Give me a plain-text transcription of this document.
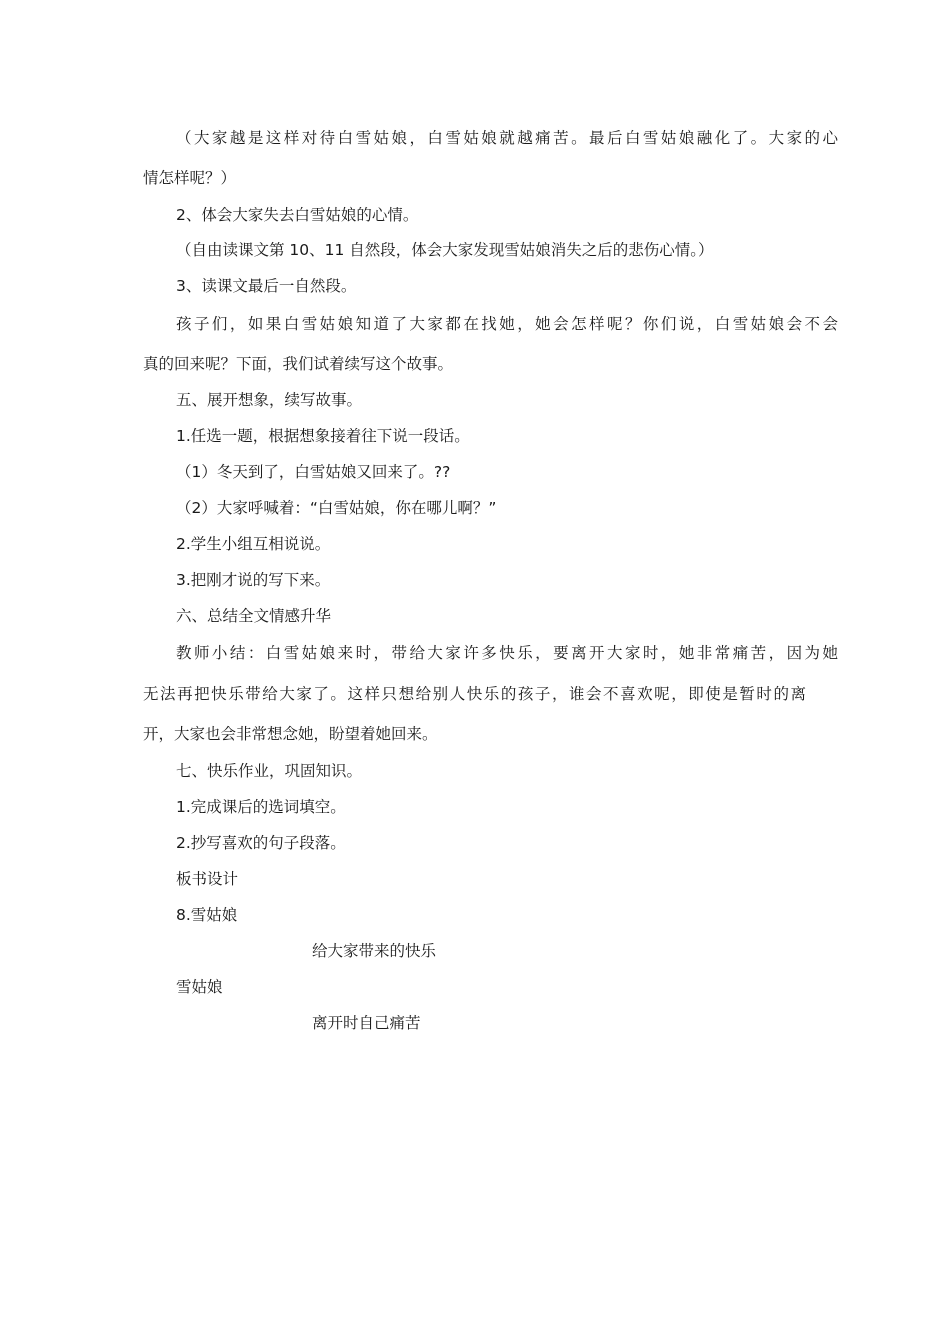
（大家越是这样对待白雪姑娘，白雪姑娘就越痛苦。最后白雪姑娘融化了。大家的心
情怎样呢？）
2、体会大家失去白雪姑娘的心情。
（自由读课文第 10、11 自然段，体会大家发现雪姑娘消失之后的悲伤心情。）
3、读课文最后一自然段。
孩子们，如果白雪姑娘知道了大家都在找她，她会怎样呢？你们说，白雪姑娘会不会
真的回来呢？下面，我们试着续写这个故事。
五、展开想象，续写故事。
1.任选一题，根据想象接着往下说一段话。
（1）冬天到了，白雪姑娘又回来了。??
（2）大家呼喊着：“白雪姑娘，你在哪儿啊？”
2.学生小组互相说说。
3.把刚才说的写下来。
六、总结全文情感升华
教师小结：白雪姑娘来时，带给大家许多快乐，要离开大家时，她非常痛苦，因为她
无法再把快乐带给大家了。这样只想给别人快乐的孩子，谁会不喜欢呢，即使是暂时的离
开，大家也会非常想念她，盼望着她回来。
七、快乐作业，巩固知识。
1.完成课后的选词填空。
2.抄写喜欢的句子段落。
板书设计
8.雪姑娘
给大家带来的快乐
雪姑娘
离开时自己痛苦
